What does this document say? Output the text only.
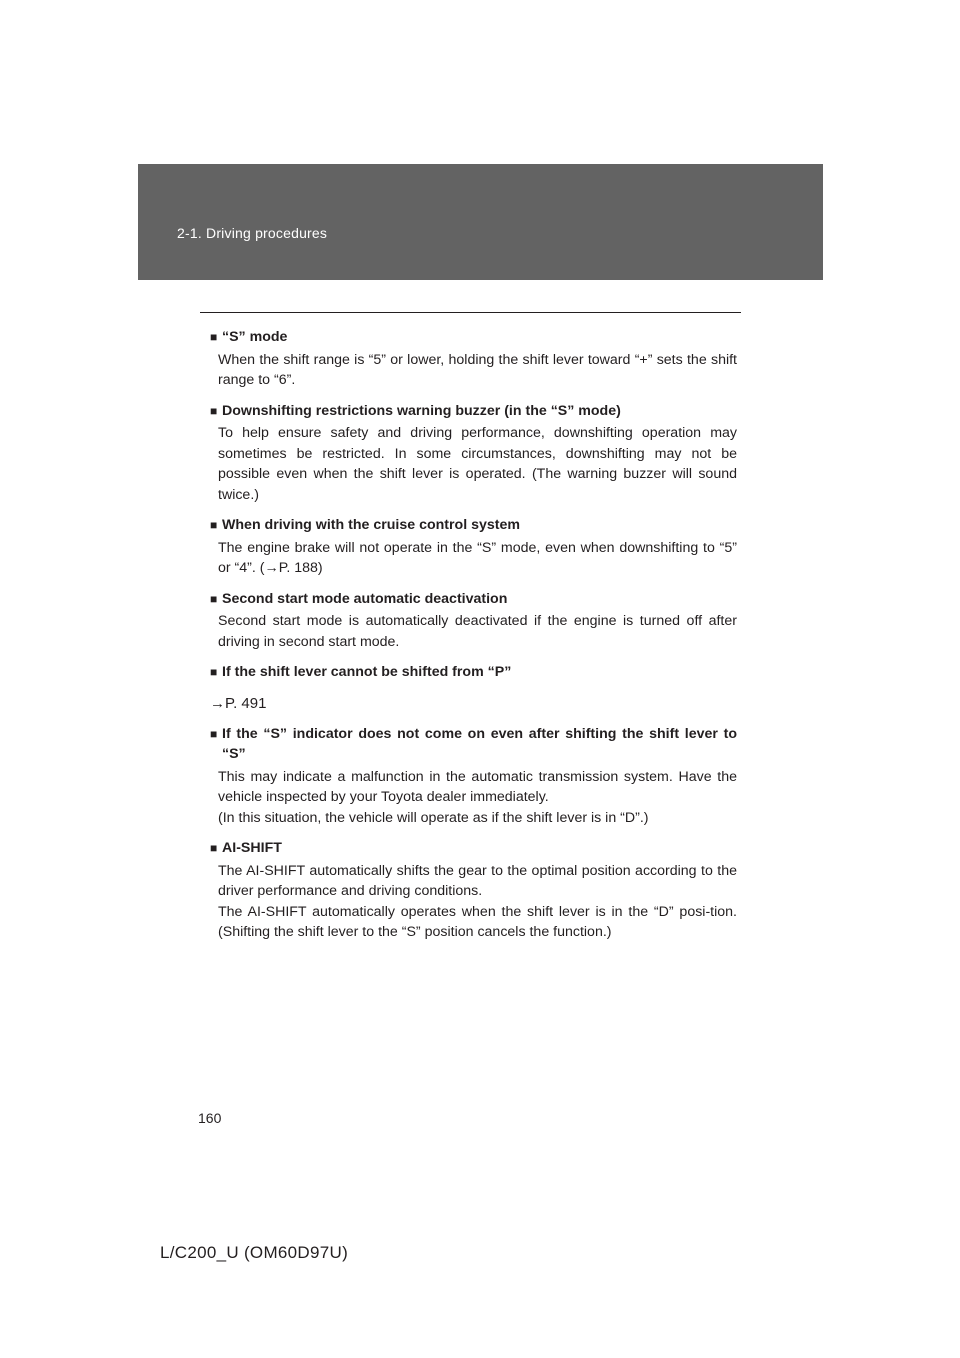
2-1. Driving procedures
■ “S” mode

When the shift range is “5” or lower, holding the shift lever toward “+” sets the shift range to “6”.

■ Downshifting restrictions warning buzzer (in the “S” mode)

To help ensure safety and driving performance, downshifting operation may sometimes be restricted. In some circumstances, downshifting may not be possible even when the shift lever is operated. (The warning buzzer will sound twice.)

■ When driving with the cruise control system

The engine brake will not operate in the “S” mode, even when downshifting to “5” or “4”. (→P. 188)

■ Second start mode automatic deactivation

Second start mode is automatically deactivated if the engine is turned off after driving in second start mode.

■ If the shift lever cannot be shifted from “P”
→P. 491
■ If the “S” indicator does not come on even after shifting the shift lever to “S”

This may indicate a malfunction in the automatic transmission system. Have the vehicle inspected by your Toyota dealer immediately.

(In this situation, the vehicle will operate as if the shift lever is in “D”.)

■ AI-SHIFT

The AI-SHIFT automatically shifts the gear to the optimal position according to the driver performance and driving conditions.

The AI-SHIFT automatically operates when the shift lever is in the “D” posi-tion. (Shifting the shift lever to the “S” position cancels the function.)

160
L/C200_U (OM60D97U)
